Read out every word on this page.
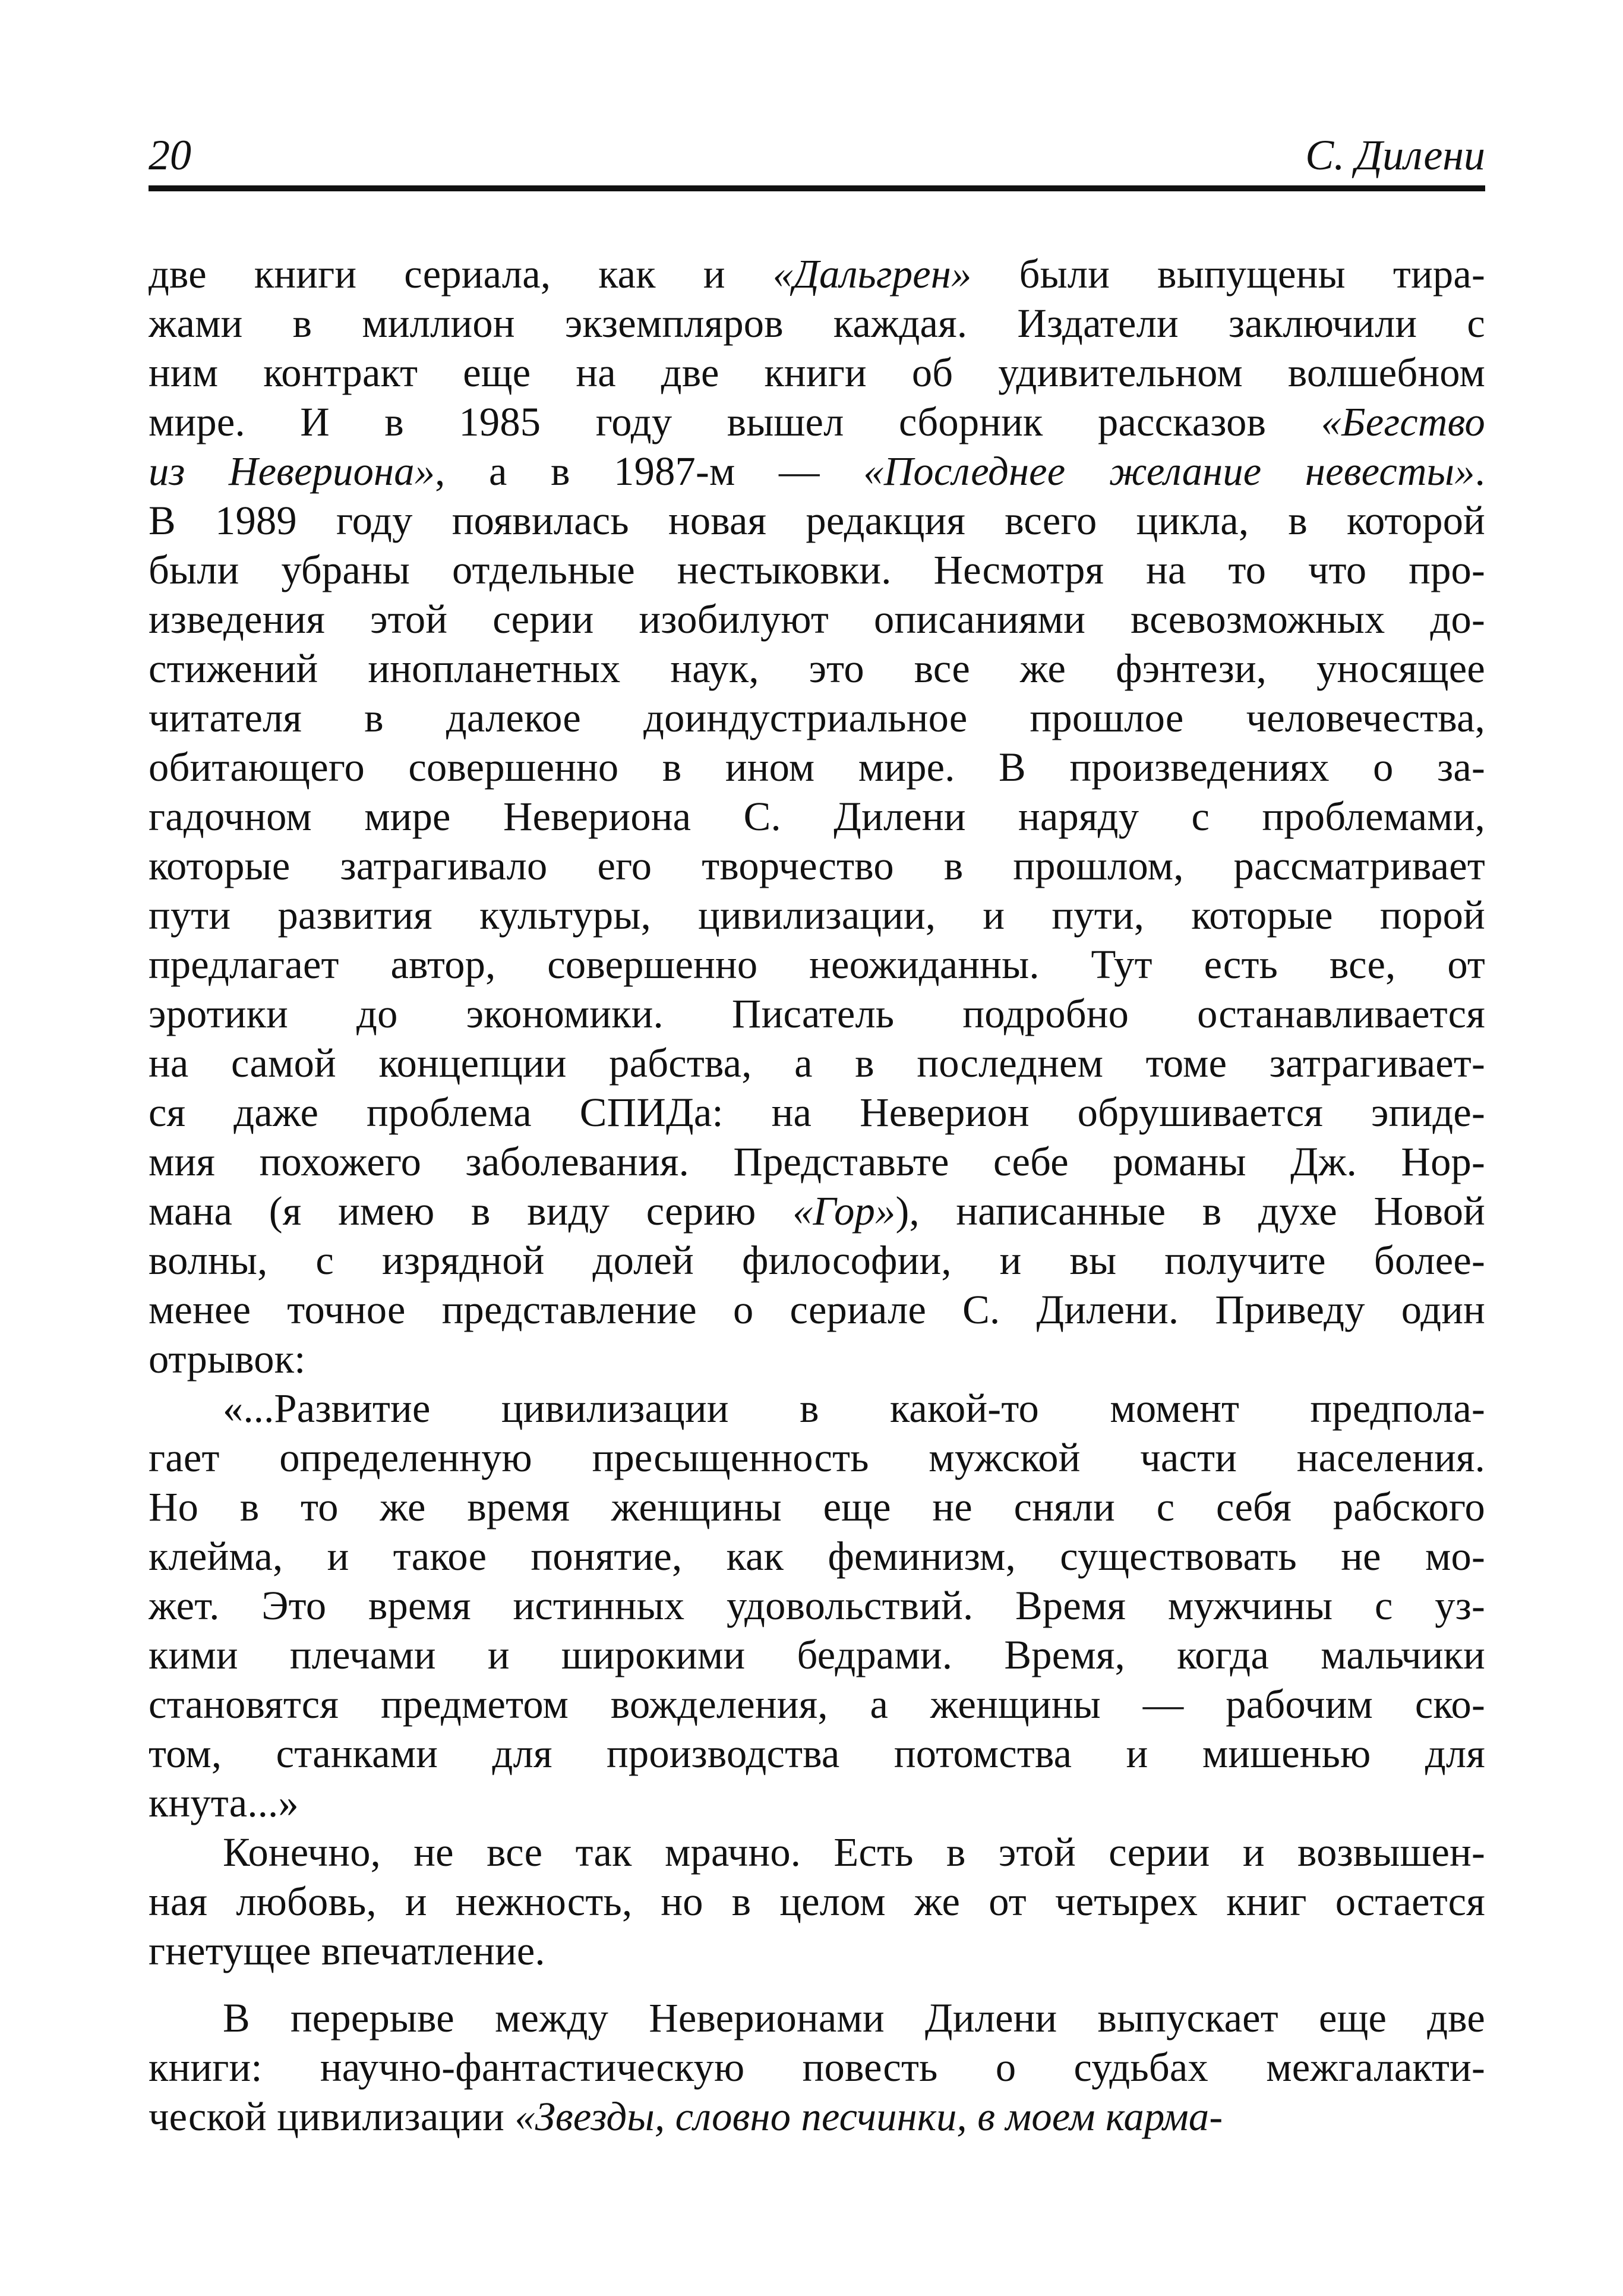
20	С. Дилени
две книги сериала, как и «Дальгрен» были выпущены тира-
жами в миллион экземпляров каждая. Издатели заключили с
ним контракт еще на две книги об удивительном волшебном
мире. И в 1985 году вышел сборник рассказов «Бегство
из Невериона», а в 1987-м — «Последнее желание невесты».
В 1989 году появилась новая редакция всего цикла, в которой
были убраны отдельные нестыковки. Несмотря на то что про-
изведения этой серии изобилуют описаниями всевозможных до-
стижений инопланетных наук, это все же фэнтези, уносящее
читателя в далекое доиндустриальное прошлое человечества,
обитающего совершенно в ином мире. В произведениях о за-
гадочном мире Невериона С. Дилени наряду с проблемами,
которые затрагивало его творчество в прошлом, рассматривает
пути развития культуры, цивилизации, и пути, которые порой
предлагает автор, совершенно неожиданны. Тут есть все, от
эротики до экономики. Писатель подробно останавливается
на самой концепции рабства, а в последнем томе затрагивает-
ся даже проблема СПИДа: на Неверион обрушивается эпиде-
мия похожего заболевания. Представьте себе романы Дж. Нор-
мана (я имею в виду серию «Гор»), написанные в духе Новой
волны, с изрядной долей философии, и вы получите более-
менее точное представление о сериале С. Дилени. Приведу один
отрывок:
«...Развитие цивилизации в какой-то момент предпола-
гает определенную пресыщенность мужской части населения.
Но в то же время женщины еще не сняли с себя рабского
клейма, и такое понятие, как феминизм, существовать не мо-
жет. Это время истинных удовольствий. Время мужчины с уз-
кими плечами и широкими бедрами. Время, когда мальчики
становятся предметом вожделения, а женщины — рабочим ско-
том, станками для производства потомства и мишенью для
кнута...»
Конечно, не все так мрачно. Есть в этой серии и возвышен-
ная любовь, и нежность, но в целом же от четырех книг остается
гнетущее впечатление.
В перерыве между Неверионами Дилени выпускает еще две
книги: научно-фантастическую повесть о судьбах межгалакти-
ческой цивилизации «Звезды, словно песчинки, в моем карма-
